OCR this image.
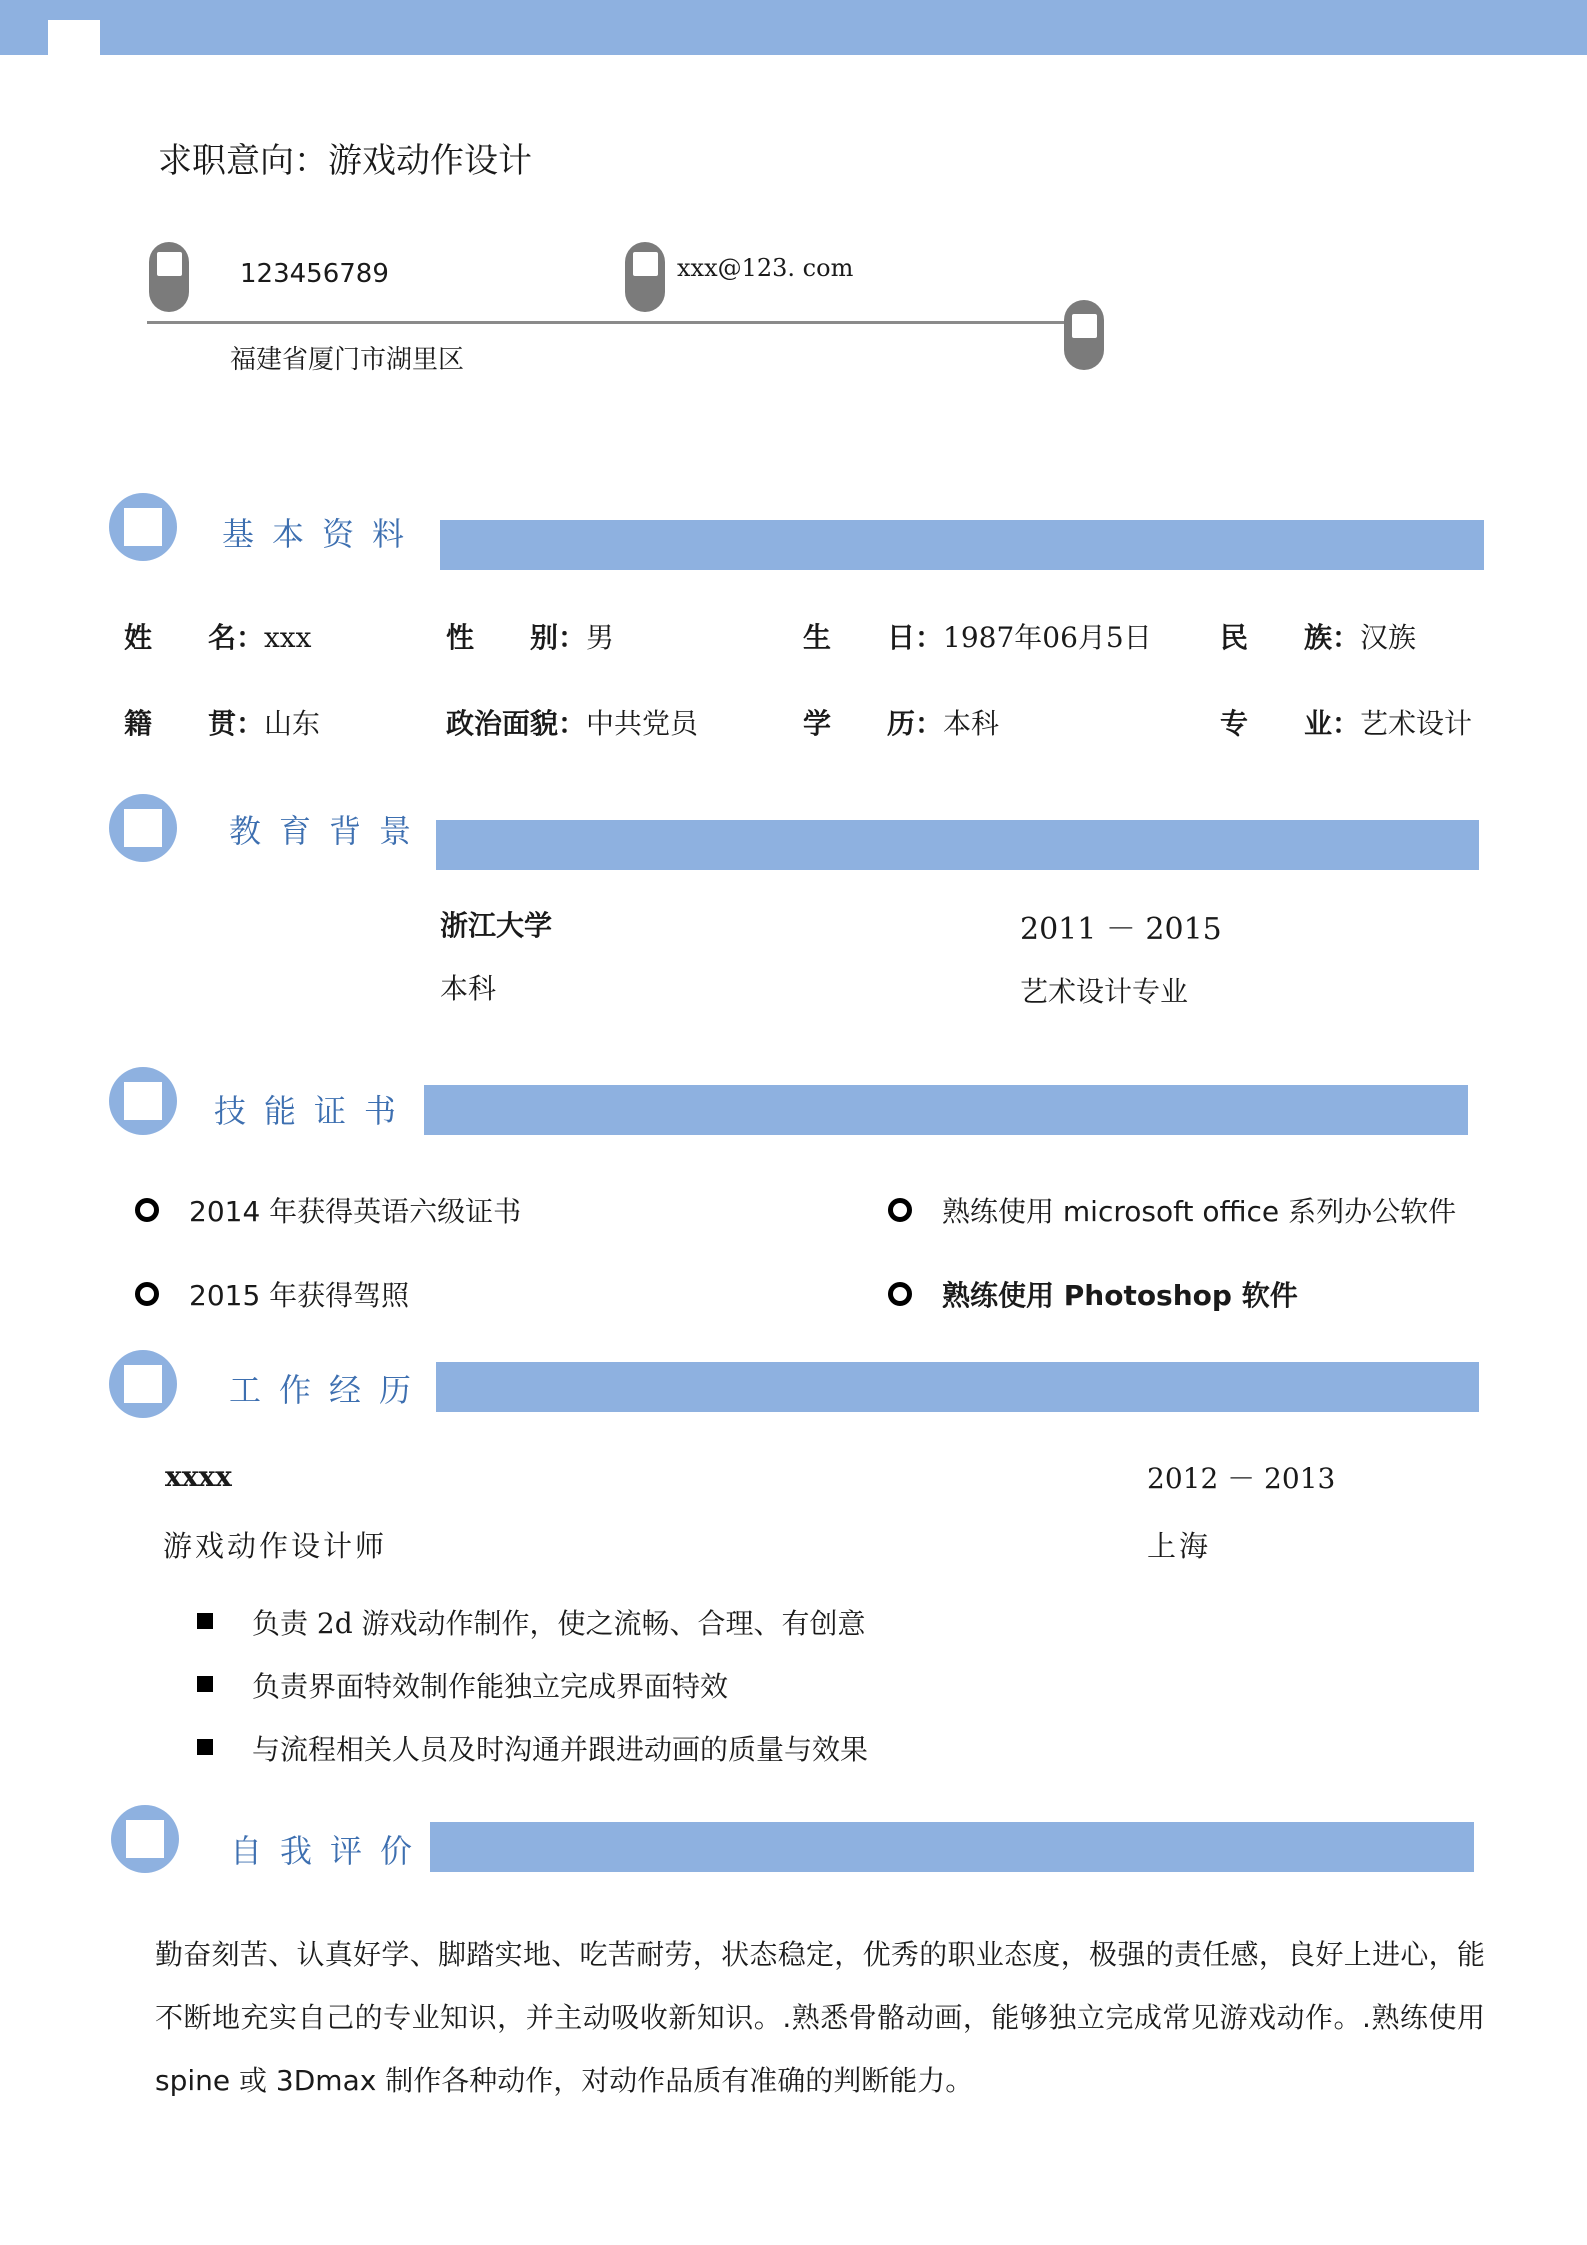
求职意向：游戏动作设计
123456789	xxx@123. com
福建省厦门市湖里区
基本资料
姓　　名：xxx	性　　别：男	生　　日：1987年06月5日 民　　族：汉族
籍　　贯：山东	政治面貌：中共党员	学　　历：本科	专　　业：艺术设计
教育背景
浙江大学	2011 － 2015
本科	艺术设计专业
技能证书
2014 年获得英语六级证书	熟练使用 microsoft office 系列办公软件
2015 年获得驾照	熟练使用 Photoshop 软件
工作经历
xxxx	2012 － 2013
游戏动作设计师	上海
负责 2d 游戏动作制作，使之流畅、合理、有创意
负责界面特效制作能独立完成界面特效
与流程相关人员及时沟通并跟进动画的质量与效果
自我评价
勤奋刻苦、认真好学、脚踏实地、吃苦耐劳，状态稳定，优秀的职业态度，极强的责任感，良好上进心，能不断地充实自己的专业知识，并主动吸收新知识。.熟悉骨骼动画，能够独立完成常见游戏动作。.熟练使用 spine 或 3Dmax 制作各种动作，对动作品质有准确的判断能力。
